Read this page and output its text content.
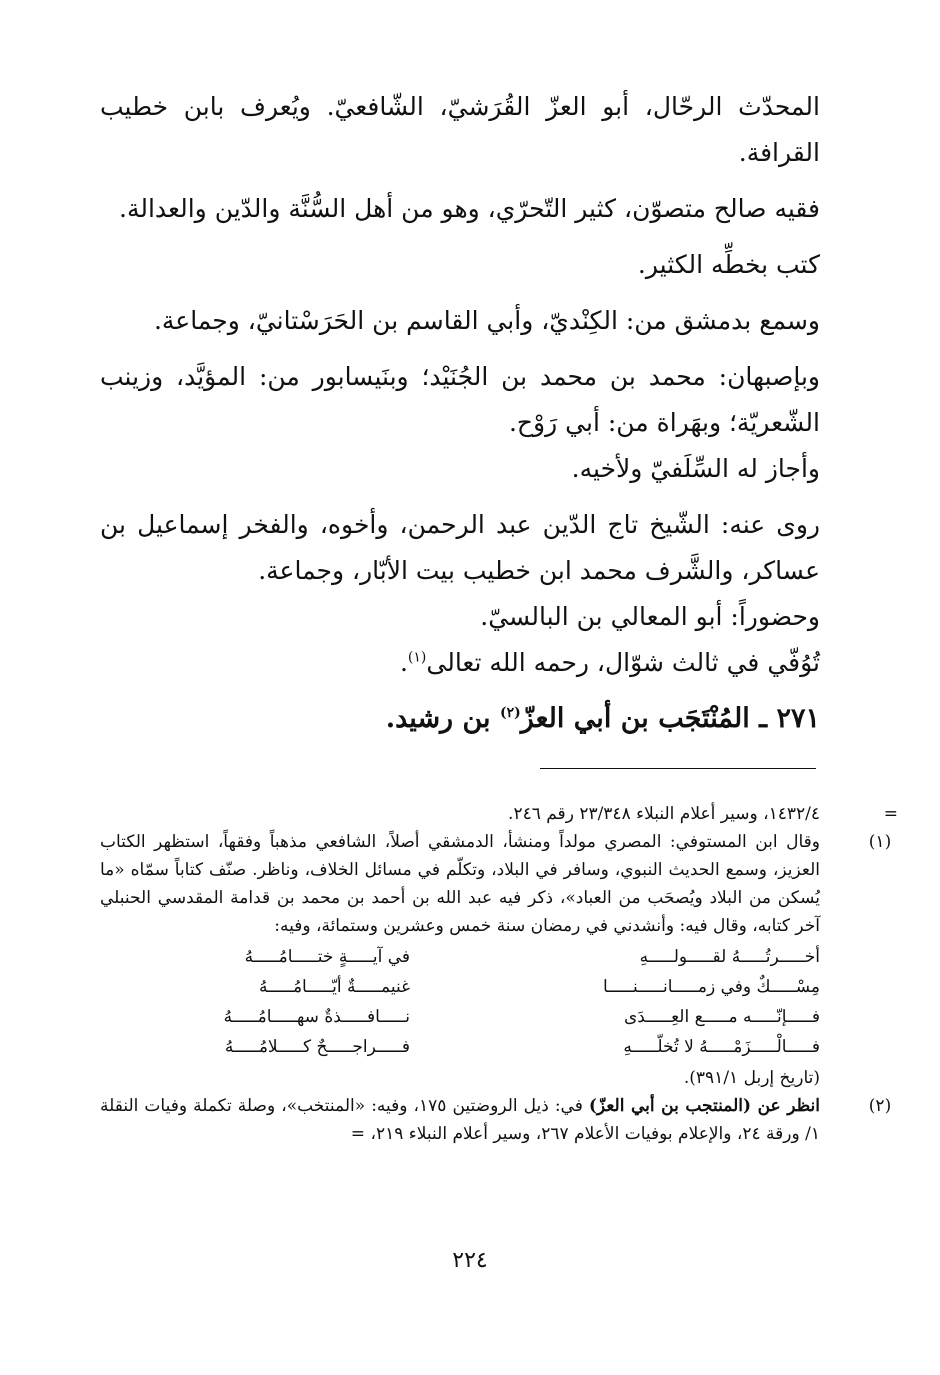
المحدّث الرحّال، أبو العزّ القُرَشيّ، الشّافعيّ. ويُعرف بابن خطيب القرافة.

فقيه صالح متصوّن، كثير التّحرّي، وهو من أهل السُّنَّة والدّين والعدالة.

كتب بخطِّه الكثير.

وسمع بدمشق من: الكِنْديّ، وأبي القاسم بن الحَرَسْتانيّ، وجماعة.

وبإصبهان: محمد بن محمد بن الجُنَيْد؛ وبنَيسابور من: المؤيَّد، وزينب الشّعريّة؛ وبهَراة من: أبي رَوْح.

وأجاز له السِّلَفيّ ولأخيه.

روى عنه: الشّيخ تاج الدّين عبد الرحمن، وأخوه، والفخر إسماعيل بن عساكر، والشَّرف محمد ابن خطيب بيت الأبّار، وجماعة.

وحضوراً: أبو المعالي بن البالسيّ.

تُوُفّي في ثالث شوّال، رحمه الله تعالى$^{(١)}$.

٢٧١ ـ المُنْتَجَب بن أبي العزّ$^{(٢)}$ بن رشيد.

=
١٤٣٢/٤، وسير أعلام النبلاء ٢٣/٣٤٨ رقم ٢٤٦.
(١)
وقال ابن المستوفي: المصري مولداً ومنشأ، الدمشقي أصلاً، الشافعي مذهباً وفقهاً، استظهر الكتاب العزيز، وسمع الحديث النبوي، وسافر في البلاد، وتكلّم في مسائل الخلاف، وناظر. صنّف كتاباً سمّاه «ما يُسكن من البلاد ويُصحَب من العباد»، ذكر فيه عبد الله بن أحمد بن محمد بن قدامة المقدسي الحنبلي آخر كتابه، وقال فيه: وأنشدني في رمضان سنة خمس وعشرين وستمائة، وفيه:
أخـــــرتُـــــهُ لقـــــولـــــهِ
في آيـــــةٍ ختـــــامُـــــهُ
مِسْـــــكٌ وفي زمـــــانـــــنـــــا
غنيمـــــةٌ أيّـــــامُـــــهُ
فـــــإنّـــــه مـــــع العِـــــدَى
نـــــافـــــذةٌ سهـــــامُـــــهُ
فـــــالْـــــزَمْـــــهُ لا تُخلّـــــهِ
فـــــراجـــــحٌ كـــــلامُـــــهُ
(تاريخ إربل ٣٩١/١).
(٢)
انظر عن (المنتجب بن أبي العزّ) في: ذيل الروضتين ١٧٥، وفيه: «المنتخب»، وصلة تكملة وفيات النقلة ١/ ورقة ٢٤، والإعلام بوفيات الأعلام ٢٦٧، وسير أعلام النبلاء ٢١٩، =
٢٢٤
